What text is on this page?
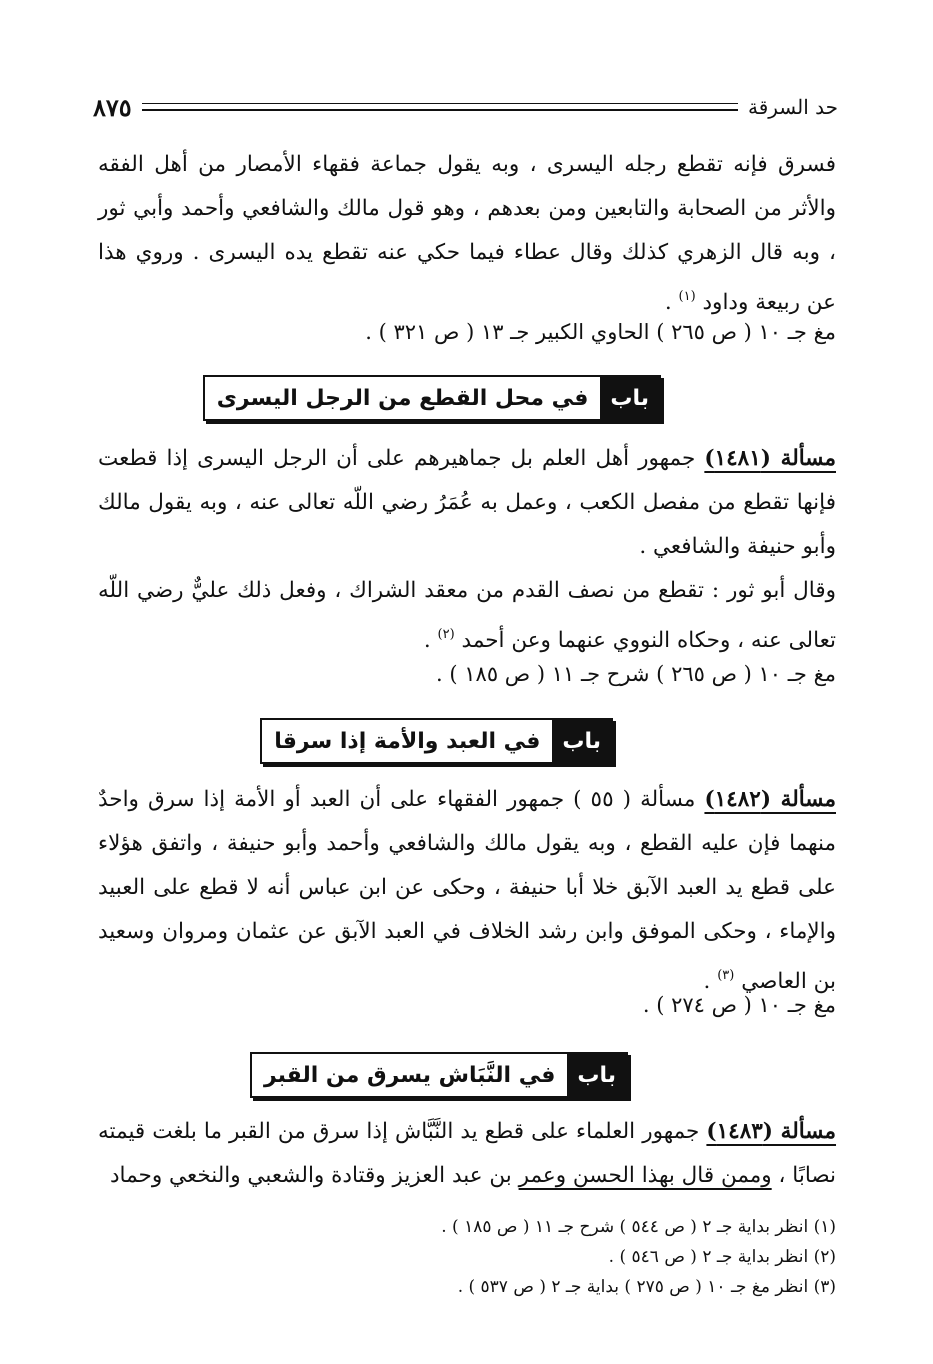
حد السرقة
٨٧٥
فسرق فإنه تقطع رجله اليسرى ، وبه يقول جماعة فقهاء الأمصار من أهل الفقه والأثر من الصحابة والتابعين ومن بعدهم ، وهو قول مالك والشافعي وأحمد وأبي ثور ، وبه قال الزهري كذلك وقال عطاء فيما حكي عنه تقطع يده اليسرى . وروي هذا عن ربيعة وداود $^{(١)}$ .
مغ جـ ١٠ ( ص ٢٦٥ ) الحاوي الكبير جـ ١٣ ( ص ٣٢١ ) .
باب
في محل القطع من الرجل اليسرى
مسألة (١٤٨١) جمهور أهل العلم بل جماهيرهم على أن الرجل اليسرى إذا قطعت فإنها تقطع من مفصل الكعب ، وعمل به عُمَرُ رضي اللّه تعالى عنه ، وبه يقول مالك وأبو حنيفة والشافعي .
وقال أبو ثور : تقطع من نصف القدم من معقد الشراك ، وفعل ذلك عليٌّ رضي اللّه تعالى عنه ، وحكاه النووي عنهما وعن أحمد $^{(٢)}$ .
مغ جـ ١٠ ( ص ٢٦٥ ) شرح جـ ١١ ( ص ١٨٥ ) .
باب
في العبد والأمة إذا سرقا
مسألة (١٤٨٢) مسألة ( ٥٥ ) جمهور الفقهاء على أن العبد أو الأمة إذا سرق واحدٌ منهما فإن عليه القطع ، وبه يقول مالك والشافعي وأحمد وأبو حنيفة ، واتفق هؤلاء على قطع يد العبد الآبق خلا أبا حنيفة ، وحكى عن ابن عباس أنه لا قطع على العبيد والإماء ، وحكى الموفق وابن رشد الخلاف في العبد الآبق عن عثمان ومروان وسعيد بن العاصي $^{(٣)}$ .
مغ جـ ١٠ ( ص ٢٧٤ ) .
باب
في النَّبَاش يسرق من القبر
مسألة (١٤٨٣) جمهور العلماء على قطع يد النَّبَّاش إذا سرق من القبر ما بلغت قيمته نصابًا ، وممن قال بهذا الحسن وعمر بن عبد العزيز وقتادة والشعبي والنخعي وحماد
(١) انظر بداية جـ ٢ ( ص ٥٤٤ ) شرح جـ ١١ ( ص ١٨٥ ) .
(٢) انظر بداية جـ ٢ ( ص ٥٤٦ ) .
(٣) انظر مغ جـ ١٠ ( ص ٢٧٥ ) بداية جـ ٢ ( ص ٥٣٧ ) .
